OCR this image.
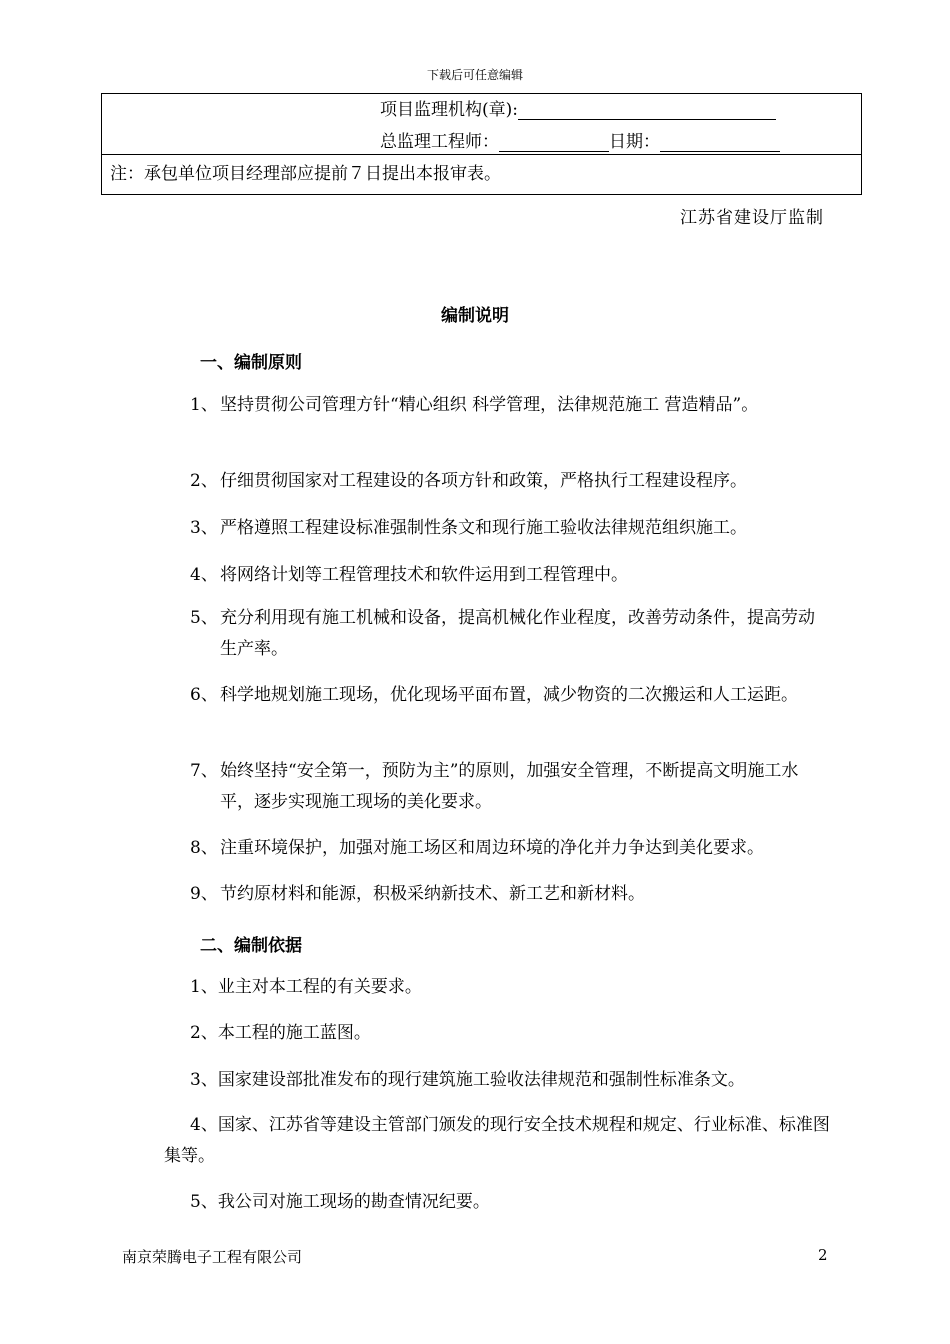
下载后可任意编辑
项目监理机构(章):
总监理工程师：	日期：
注：承包单位项目经理部应提前７日提出本报审表。
江苏省建设厅监制
编制说明
一、编制原则
1、 坚持贯彻公司管理方针“精心组织 科学管理，法律规范施工 营造精品”。
2、 仔细贯彻国家对工程建设的各项方针和政策，严格执行工程建设程序。
3、 严格遵照工程建设标准强制性条文和现行施工验收法律规范组织施工。
4、 将网络计划等工程管理技术和软件运用到工程管理中。
5、 充分利用现有施工机械和设备，提高机械化作业程度，改善劳动条件，提高劳动生产率。
6、 科学地规划施工现场，优化现场平面布置，减少物资的二次搬运和人工运距。
7、 始终坚持“安全第一，预防为主”的原则，加强安全管理，不断提高文明施工水平，逐步实现施工现场的美化要求。
8、 注重环境保护，加强对施工场区和周边环境的净化并力争达到美化要求。
9、 节约原材料和能源，积极采纳新技术、新工艺和新材料。
二、编制依据
1、业主对本工程的有关要求。
2、本工程的施工蓝图。
3、国家建设部批准发布的现行建筑施工验收法律规范和强制性标准条文。
4、国家、江苏省等建设主管部门颁发的现行安全技术规程和规定、行业标准、标准图集等。
5、我公司对施工现场的勘查情况纪要。
南京荣腾电子工程有限公司	2
